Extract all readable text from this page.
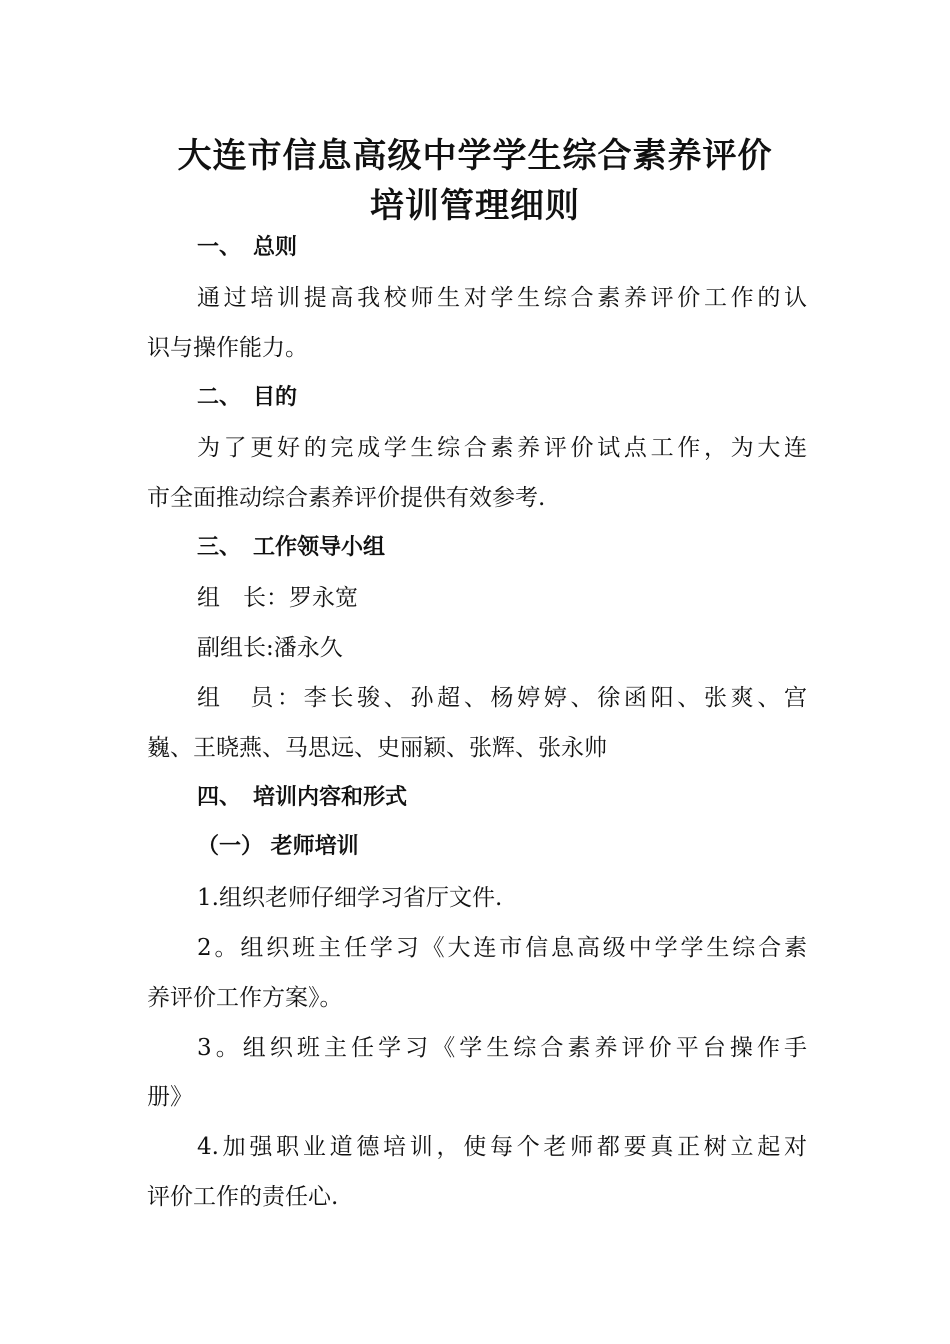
大连市信息高级中学学生综合素养评价
培训管理细则

一、 总则

通过培训提高我校师生对学生综合素养评价工作的认

识与操作能力。

二、 目的

为了更好的完成学生综合素养评价试点工作，为大连

市全面推动综合素养评价提供有效参考.

三、 工作领导小组

组　长：罗永宽

副组长:潘永久

组　员：李长骏、孙超、杨婷婷、徐函阳、张爽、宫

巍、王晓燕、马思远、史丽颖、张辉、张永帅

四、 培训内容和形式

（一） 老师培训

1.组织老师仔细学习省厅文件.

2。组织班主任学习《大连市信息高级中学学生综合素

养评价工作方案》。

3。组织班主任学习《学生综合素养评价平台操作手

册》

4.加强职业道德培训，使每个老师都要真正树立起对

评价工作的责任心.
